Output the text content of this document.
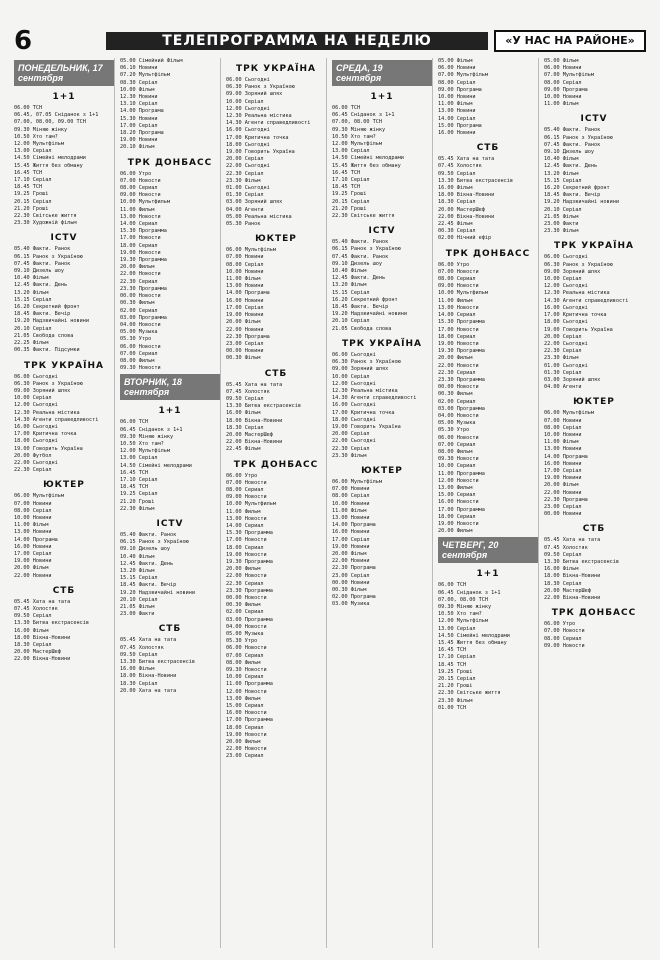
6	ТЕЛЕПРОГРАММА НА НЕДЕЛЮ	«У НАС НА РАЙОНЕ»
ПОНЕДЕЛЬНИК, 17 сентября
1+1

06.00 ТСН

06.45, 07.05 Сніданок з 1+1

07.00, 08.00, 09.00 ТСН

09.30 Міняю жінку

10.50 Хто там?

12.00 Мультфільм

13.00 Серіал

14.50 Сімейні мелодрами

15.45 Життя без обману

16.45 ТСН

17.10 Серіал

18.45 ТСН

19.25 Гроші

20.15 Серіал

21.20 Гроші

22.30 Світське життя

23.30 Художній фільм

ICTV

05.40 Факти. Ранок

06.15 Ранок з Україною

07.45 Факти. Ранок

09.10 Дизель шоу

10.40 Фільм

12.45 Факти. День

13.20 Фільм

15.15 Серіал

16.20 Секретний фронт

18.45 Факти. Вечір

19.20 Надзвичайні новини

20.10 Серіал

21.05 Свобода слова

22.25 Фільм

00.35 Факти. Підсумки

ТРК УКРАЇНА

06.00 Сьогодні

06.30 Ранок з Україною

09.00 Зоряний шлях

10.00 Серіал

12.00 Сьогодні

12.30 Реальна містика

14.30 Агенти справедливості

16.00 Сьогодні

17.00 Критична точка

18.00 Сьогодні

19.00 Говорить Україна

20.00 Футбол

22.00 Сьогодні

22.30 Серіал

ЮКТЕР

06.00 Мультфільм

07.00 Новини

08.00 Серіал

10.00 Новини

11.00 Фільм

13.00 Новини

14.00 Програма

16.00 Новини

17.00 Серіал

19.00 Новини

20.00 Фільм

22.00 Новини

СТБ

05.45 Хата на тата

07.45 Холостяк

09.50 Серіал

13.30 Битва екстрасенсів

16.00 Фільм

18.00 Вікна-Новини

18.30 Серіал

20.00 МастерШеф

22.00 Вікна-Новини

05.00 Сімейний Фільм

06.10 Новини

07.20 Мультфільм

08.30 Серіал

10.00 Фільм

12.30 Новини

13.10 Серіал

14.00 Програма

15.30 Новини

17.00 Серіал

18.20 Програма

19.00 Новини

20.10 Фільм

ТРК ДОНБАСС

06.00 Утро

07.00 Новости

08.00 Сериал

09.00 Новости

10.00 Мультфильм

11.00 Фильм

13.00 Новости

14.00 Сериал

15.30 Программа

17.00 Новости

18.00 Сериал

19.00 Новости

19.30 Программа

20.00 Фильм

22.00 Новости

22.30 Сериал

23.30 Программа

00.00 Новости

00.30 Фильм

02.00 Сериал

03.00 Программа

04.00 Новости

05.00 Музыка

05.30 Утро

06.00 Новости

07.00 Сериал

08.00 Фильм

09.30 Новости

ВТОРНИК, 18 сентября
1+1

06.00 ТСН

06.45 Сніданок з 1+1

09.30 Міняю жінку

10.50 Хто там?

12.00 Мультфільм

13.00 Серіал

14.50 Сімейні мелодрами

16.45 ТСН

17.10 Серіал

18.45 ТСН

19.25 Серіал

21.20 Гроші

22.30 Фільм

ICTV

05.40 Факти. Ранок

06.15 Ранок з Україною

09.10 Дизель шоу

10.40 Фільм

12.45 Факти. День

13.20 Фільм

15.15 Серіал

18.45 Факти. Вечір

19.20 Надзвичайні новини

20.10 Серіал

21.05 Фільм

23.00 Факти

СТБ

05.45 Хата на тата

07.45 Холостяк

09.50 Серіал

13.30 Битва екстрасенсів

16.00 Фільм

18.00 Вікна-Новини

18.30 Серіал

20.00 Хата на тата

ТРК УКРАЇНА

06.00 Сьогодні

06.30 Ранок з Україною

09.00 Зоряний шлях

10.00 Серіал

12.00 Сьогодні

12.30 Реальна містика

14.30 Агенти справедливості

16.00 Сьогодні

17.00 Критична точка

18.00 Сьогодні

19.00 Говорить Україна

20.00 Серіал

22.00 Сьогодні

22.30 Серіал

23.30 Фільм

01.00 Сьогодні

01.30 Серіал

03.00 Зоряний шлях

04.00 Агенти

05.00 Реальна містика

05.30 Ранок

ЮКТЕР

06.00 Мультфільм

07.00 Новини

08.00 Серіал

10.00 Новини

11.00 Фільм

13.00 Новини

14.00 Програма

16.00 Новини

17.00 Серіал

19.00 Новини

20.00 Фільм

22.00 Новини

22.30 Програма

23.00 Серіал

00.00 Новини

00.30 Фільм

СТБ

05.45 Хата на тата

07.45 Холостяк

09.50 Серіал

13.30 Битва екстрасенсів

16.00 Фільм

18.00 Вікна-Новини

18.30 Серіал

20.00 МастерШеф

22.00 Вікна-Новини

22.45 Фільм

ТРК ДОНБАСС

06.00 Утро

07.00 Новости

08.00 Сериал

09.00 Новости

10.00 Мультфильм

11.00 Фильм

13.00 Новости

14.00 Сериал

15.30 Программа

17.00 Новости

18.00 Сериал

19.00 Новости

19.30 Программа

20.00 Фильм

22.00 Новости

22.30 Сериал

23.30 Программа

00.00 Новости

00.30 Фильм

02.00 Сериал

03.00 Программа

04.00 Новости

05.00 Музыка

05.30 Утро

06.00 Новости

07.00 Сериал

08.00 Фильм

09.30 Новости

10.00 Сериал

11.00 Программа

12.00 Новости

13.00 Фильм

15.00 Сериал

16.00 Новости

17.00 Программа

18.00 Сериал

19.00 Новости

20.00 Фильм

22.00 Новости

23.00 Сериал

СРЕДА, 19 сентября
1+1

06.00 ТСН

06.45 Сніданок з 1+1

07.00, 08.00 ТСН

09.30 Міняю жінку

10.50 Хто там?

12.00 Мультфільм

13.00 Серіал

14.50 Сімейні мелодрами

15.45 Життя без обману

16.45 ТСН

17.10 Серіал

18.45 ТСН

19.25 Гроші

20.15 Серіал

21.20 Гроші

22.30 Світське життя

ICTV

05.40 Факти. Ранок

06.15 Ранок з Україною

07.45 Факти. Ранок

09.10 Дизель шоу

10.40 Фільм

12.45 Факти. День

13.20 Фільм

15.15 Серіал

16.20 Секретний фронт

18.45 Факти. Вечір

19.20 Надзвичайні новини

20.10 Серіал

21.05 Свобода слова

ТРК УКРАЇНА

06.00 Сьогодні

06.30 Ранок з Україною

09.00 Зоряний шлях

10.00 Серіал

12.00 Сьогодні

12.30 Реальна містика

14.30 Агенти справедливості

16.00 Сьогодні

17.00 Критична точка

18.00 Сьогодні

19.00 Говорить Україна

20.00 Серіал

22.00 Сьогодні

22.30 Серіал

23.30 Фільм

ЮКТЕР

06.00 Мультфільм

07.00 Новини

08.00 Серіал

10.00 Новини

11.00 Фільм

13.00 Новини

14.00 Програма

16.00 Новини

17.00 Серіал

19.00 Новини

20.00 Фільм

22.00 Новини

22.30 Програма

23.00 Серіал

00.00 Новини

00.30 Фільм

02.00 Програма

03.00 Музика

05.00 Фільм

06.00 Новини

07.00 Мультфільм

08.00 Серіал

09.00 Програма

10.00 Новини

11.00 Фільм

13.00 Новини

14.00 Серіал

15.00 Програма

16.00 Новини

СТБ

05.45 Хата на тата

07.45 Холостяк

09.50 Серіал

13.30 Битва екстрасенсів

16.00 Фільм

18.00 Вікна-Новини

18.30 Серіал

20.00 МастерШеф

22.00 Вікна-Новини

22.45 Фільм

00.30 Серіал

02.00 Нічний ефір

ТРК ДОНБАСС

06.00 Утро

07.00 Новости

08.00 Сериал

09.00 Новости

10.00 Мультфильм

11.00 Фильм

13.00 Новости

14.00 Сериал

15.30 Программа

17.00 Новости

18.00 Сериал

19.00 Новости

19.30 Программа

20.00 Фильм

22.00 Новости

22.30 Сериал

23.30 Программа

00.00 Новости

00.30 Фильм

02.00 Сериал

03.00 Программа

04.00 Новости

05.00 Музыка

05.30 Утро

06.00 Новости

07.00 Сериал

08.00 Фильм

09.30 Новости

10.00 Сериал

11.00 Программа

12.00 Новости

13.00 Фильм

15.00 Сериал

16.00 Новости

17.00 Программа

18.00 Сериал

19.00 Новости

20.00 Фильм

ЧЕТВЕРГ, 20 сентября
1+1

06.00 ТСН

06.45 Сніданок з 1+1

07.00, 08.00 ТСН

09.30 Міняю жінку

10.50 Хто там?

12.00 Мультфільм

13.00 Серіал

14.50 Сімейні мелодрами

15.45 Життя без обману

16.45 ТСН

17.10 Серіал

18.45 ТСН

19.25 Гроші

20.15 Серіал

21.20 Гроші

22.30 Світське життя

23.30 Фільм

01.00 ТСН

05.00 Фільм

06.00 Новини

07.00 Мультфільм

08.00 Серіал

09.00 Програма

10.00 Новини

11.00 Фільм

ICTV

05.40 Факти. Ранок

06.15 Ранок з Україною

07.45 Факти. Ранок

09.10 Дизель шоу

10.40 Фільм

12.45 Факти. День

13.20 Фільм

15.15 Серіал

16.20 Секретний фронт

18.45 Факти. Вечір

19.20 Надзвичайні новини

20.10 Серіал

21.05 Фільм

23.00 Факти

23.30 Фільм

ТРК УКРАЇНА

06.00 Сьогодні

06.30 Ранок з Україною

09.00 Зоряний шлях

10.00 Серіал

12.00 Сьогодні

12.30 Реальна містика

14.30 Агенти справедливості

16.00 Сьогодні

17.00 Критична точка

18.00 Сьогодні

19.00 Говорить Україна

20.00 Серіал

22.00 Сьогодні

22.30 Серіал

23.30 Фільм

01.00 Сьогодні

01.30 Серіал

03.00 Зоряний шлях

04.00 Агенти

ЮКТЕР

06.00 Мультфільм

07.00 Новини

08.00 Серіал

10.00 Новини

11.00 Фільм

13.00 Новини

14.00 Програма

16.00 Новини

17.00 Серіал

19.00 Новини

20.00 Фільм

22.00 Новини

22.30 Програма

23.00 Серіал

00.00 Новини

СТБ

05.45 Хата на тата

07.45 Холостяк

09.50 Серіал

13.30 Битва екстрасенсів

16.00 Фільм

18.00 Вікна-Новини

18.30 Серіал

20.00 МастерШеф

22.00 Вікна-Новини

ТРК ДОНБАСС

06.00 Утро

07.00 Новости

08.00 Сериал

09.00 Новости
